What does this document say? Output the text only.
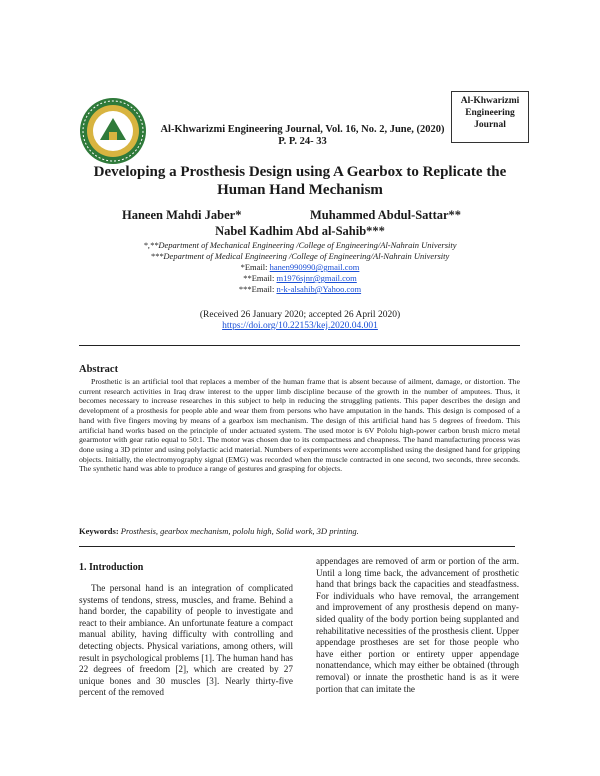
Al-Khwarizmi Engineering Journal, Vol. 16, No. 2, June, (2020)
P. P. 24- 33
Al-Khwarizmi
Engineering
Journal
Developing a Prosthesis Design using A Gearbox to Replicate the
Human Hand Mechanism
Haneen Mahdi Jaber*	Muhammed Abdul-Sattar**
Nabel Kadhim Abd al-Sahib***
*,**Department of Mechanical Engineering /College of Engineering/Al-Nahrain University
***Department of Medical Engineering /College of Engineering/Al-Nahrain University
*Email: hanen990990@gmail.com
**Email: m1976sjnr@gmail.com
***Email: n-k-alsahib@Yahoo.com
(Received 26 January 2020; accepted 26 April 2020)
https://doi.org/10.22153/kej.2020.04.001
Abstract
Prosthetic is an artificial tool that replaces a member of the human frame that is absent because of ailment, damage, or distortion. The current research activities in Iraq draw interest to the upper limb discipline because of the growth in the number of amputees. Thus, it becomes necessary to increase researches in this subject to help in reducing the struggling patients. This paper describes the design and development of a prosthesis for people able and wear them from persons who have amputation in the hands. This design is composed of a hand with five fingers moving by means of a gearbox ism mechanism. The design of this artificial hand has 5 degrees of freedom. This artificial hand works based on the principle of under actuated system. The used motor is 6V Pololu high-power carbon brush micro metal gearmotor with gear ratio equal to 50:1. The motor was chosen due to its compactness and cheapness. The hand manufacturing process was done using a 3D printer and using polylactic acid material. Numbers of experiments were accomplished using the designed hand for gripping objects. Initially, the electromyography signal (EMG) was recorded when the muscle contracted in one second, two seconds, three seconds. The synthetic hand was able to produce a range of gestures and grasping for objects.
Keywords: Prosthesis, gearbox mechanism, pololu high, Solid work, 3D printing.
1. Introduction
The personal hand is an integration of complicated systems of tendons, stress, muscles, and frame. Behind a hand border, the capability of people to investigate and react to their ambiance. An unfortunate feature a compact manual ability, having difficulty with controlling and detecting objects. Physical variations, among others, will result in psychological problems [1]. The human hand has 22 degrees of freedom [2], which are created by 27 unique bones and 30 muscles [3]. Nearly thirty-five percent of the removed
appendages are removed of arm or portion of the arm. Until a long time back, the advancement of prosthetic hand that brings back the capacities and steadfastness. For individuals who have removal, the arrangement and improvement of any prosthesis depend on many-sided quality of the body portion being supplanted and rehabilitative necessities of the prosthesis client. Upper appendage prostheses are set for those people who have either portion or entirety upper appendage nonattendance, which may either be obtained (through removal) or innate the prosthetic hand is as it were portion that can imitate the
